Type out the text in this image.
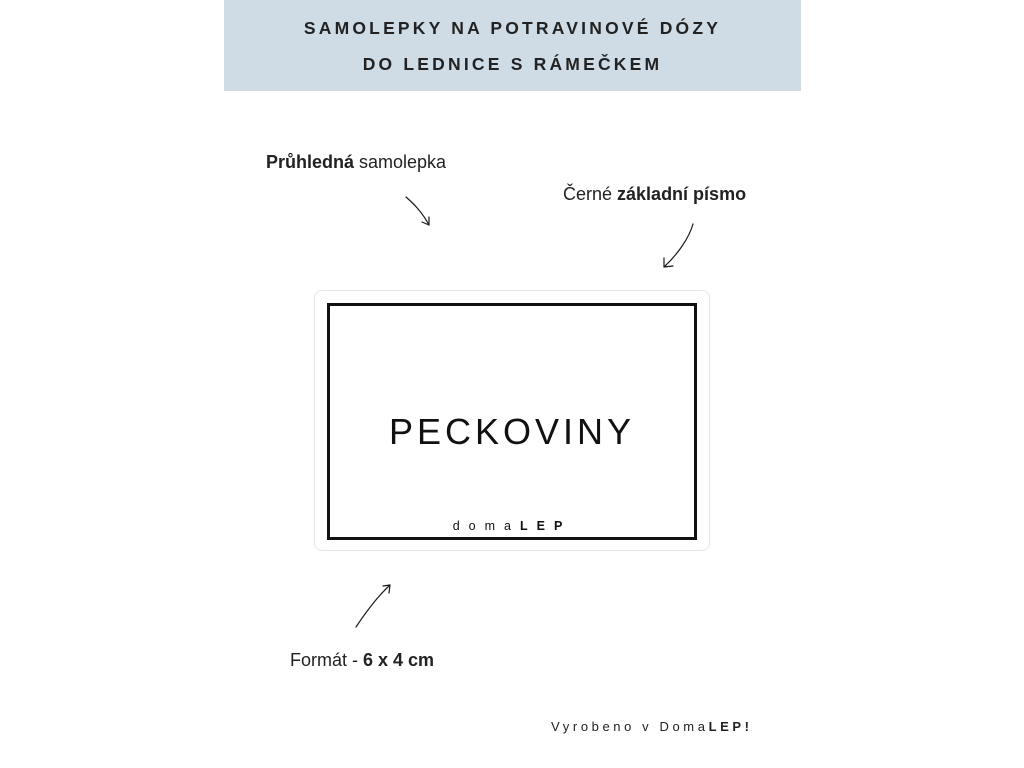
SAMOLEPKY NA POTRAVINOVÉ DÓZY
DO LEDNICE S RÁMEČKEM
Průhledná samolepka
Černé základní písmo
PECKOVINY
domaLEP
Formát - 6 x 4 cm
Vyrobeno v DomaLEP!
